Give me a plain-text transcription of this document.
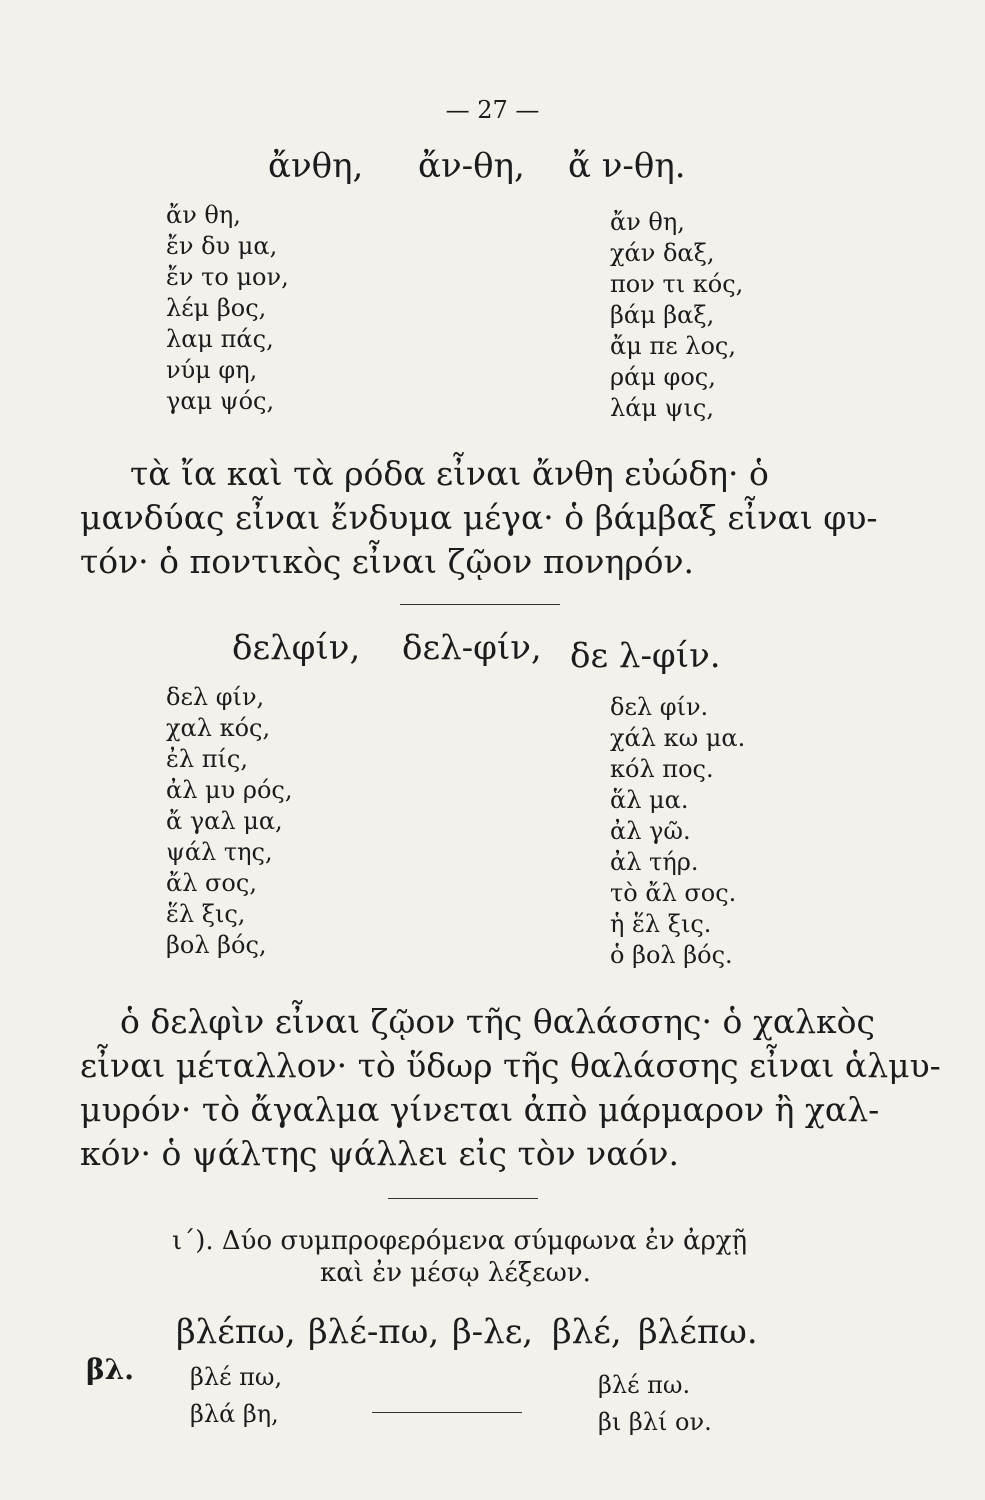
— 27 —
ἄνθη, ἄν-θη, ἄ ν-θη.
ἄν θη,
ἔν δυ μα,
ἔν το μον,
λέμ βος,
λαμ πάς,
νύμ φη,
γαμ ψός,
ἄν θη,
χάν δαξ,
πον τι κός,
βάμ βαξ,
ἄμ πε λος,
ράμ φος,
λάμ ψις,
τὰ ἴα καὶ τὰ ρόδα εἶναι ἄνθη εὐώδη· ὁ
μανδύας εἶναι ἔνδυμα μέγα· ὁ βάμβαξ εἶναι φυ-
τόν· ὁ ποντικὸς εἶναι ζῷον πονηρόν.
δελφίν, δελ-φίν, δε λ-φίν.
δελ φίν,
χαλ κός,
ἐλ πίς,
ἀλ μυ ρός,
ἄ γαλ μα,
ψάλ της,
ἄλ σος,
ἕλ ξις,
βολ βός,
δελ φίν.
χάλ κω μα.
κόλ πος.
ἅλ μα.
ἀλ γῶ.
ἀλ τήρ.
τὸ ἄλ σος.
ἡ ἕλ ξις.
ὁ βολ βός.
ὁ δελφὶν εἶναι ζῷον τῆς θαλάσσης· ὁ χαλκὸς
εἶναι μέταλλον· τὸ ὕδωρ τῆς θαλάσσης εἶναι ἁλμυ-
μυρόν· τὸ ἄγαλμα γίνεται ἀπὸ μάρμαρον ἢ χαλ-
κόν· ὁ ψάλτης ψάλλει εἰς τὸν ναόν.
ι΄). Δύο συμπροφερόμενα σύμφωνα ἐν ἀρχῇ
καὶ ἐν μέσῳ λέξεων.
βλέπω, βλέ-πω, β-λε, βλέ, βλέπω.
βλ. βλέ πω,
βλά βη,
βλέ πω.
βι βλί ον.
